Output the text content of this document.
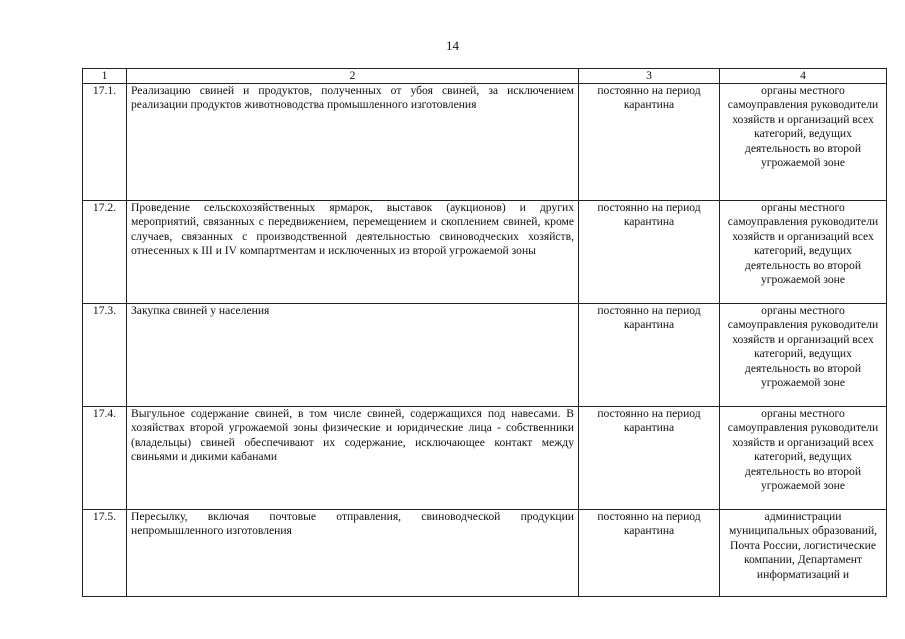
14
1	2	3	4
17.1.	Реализацию свиней и продуктов, полученных от убоя свиней, за исключением реализации продуктов животноводства промышленного изготовления	постоянно на период карантина	органы местного самоуправления руководители хозяйств и организаций всех категорий, ведущих деятельность во второй угрожаемой зоне
17.2.	Проведение сельскохозяйственных ярмарок, выставок (аукционов) и других мероприятий, связанных с передвижением, перемещением и скоплением свиней, кроме случаев, связанных с производственной деятельностью свиноводческих хозяйств, отнесенных к III и IV компартментам и исключенных из второй угрожаемой зоны	постоянно на период карантина	органы местного самоуправления руководители хозяйств и организаций всех категорий, ведущих деятельность во второй угрожаемой зоне
17.3.	Закупка свиней у населения	постоянно на период карантина	органы местного самоуправления руководители хозяйств и организаций всех категорий, ведущих деятельность во второй угрожаемой зоне
17.4.	Выгульное содержание свиней, в том числе свиней, содержащихся под навесами. В хозяйствах второй угрожаемой зоны физические и юридические лица - собственники (владельцы) свиней обеспечивают их содержание, исключающее контакт между свиньями и дикими кабанами	постоянно на период карантина	органы местного самоуправления руководители хозяйств и организаций всех категорий, ведущих деятельность во второй угрожаемой зоне
17.5.	Пересылку, включая почтовые отправления, свиноводческой продукции непромышленного изготовления	постоянно на период карантина	администрации муниципальных образований, Почта России, логистические компании, Департамент информатизаций и
